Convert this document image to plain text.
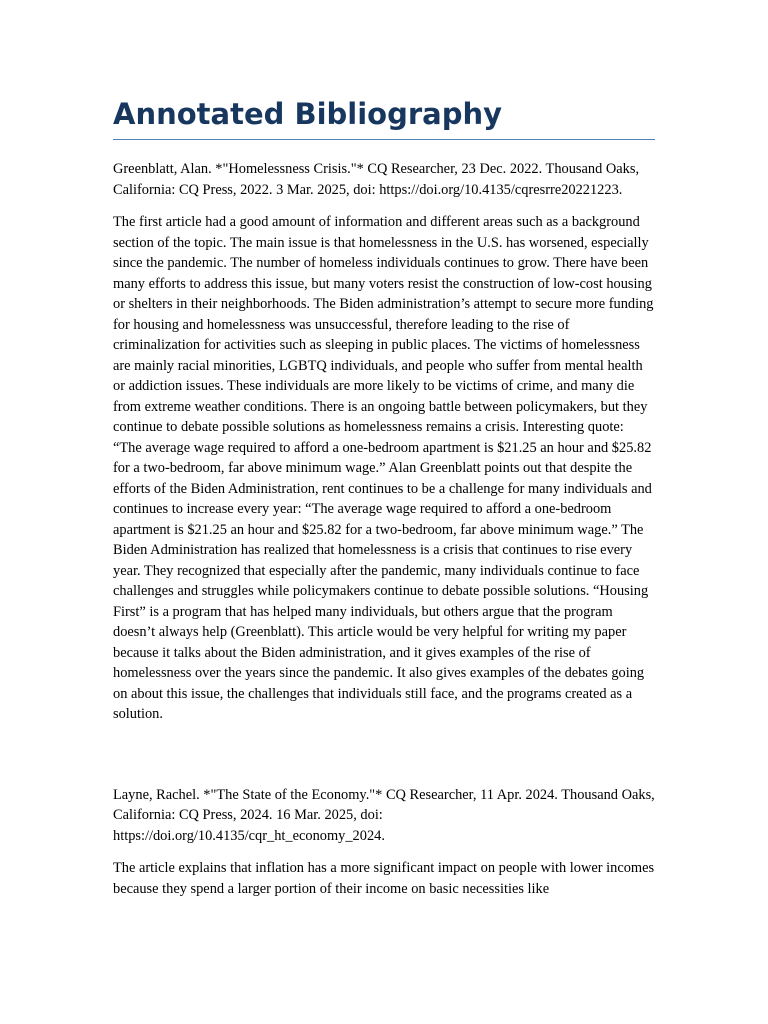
Annotated Bibliography

Greenblatt, Alan. *"Homelessness Crisis."* CQ Researcher, 23 Dec. 2022. Thousand Oaks, California: CQ Press, 2022. 3 Mar. 2025, doi: https://doi.org/10.4135/cqresrre20221223.

The first article had a good amount of information and different areas such as a background section of the topic. The main issue is that homelessness in the U.S. has worsened, especially since the pandemic. The number of homeless individuals continues to grow. There have been many efforts to address this issue, but many voters resist the construction of low-cost housing or shelters in their neighborhoods. The Biden administration’s attempt to secure more funding for housing and homelessness was unsuccessful, therefore leading to the rise of criminalization for activities such as sleeping in public places. The victims of homelessness are mainly racial minorities, LGBTQ individuals, and people who suffer from mental health or addiction issues. These individuals are more likely to be victims of crime, and many die from extreme weather conditions. There is an ongoing battle between policymakers, but they continue to debate possible solutions as homelessness remains a crisis. Interesting quote: “The average wage required to afford a one-bedroom apartment is $21.25 an hour and $25.82 for a two-bedroom, far above minimum wage.” Alan Greenblatt points out that despite the efforts of the Biden Administration, rent continues to be a challenge for many individuals and continues to increase every year: “The average wage required to afford a one-bedroom apartment is $21.25 an hour and $25.82 for a two-bedroom, far above minimum wage.” The Biden Administration has realized that homelessness is a crisis that continues to rise every year. They recognized that especially after the pandemic, many individuals continue to face challenges and struggles while policymakers continue to debate possible solutions. “Housing First” is a program that has helped many individuals, but others argue that the program doesn’t always help (Greenblatt). This article would be very helpful for writing my paper because it talks about the Biden administration, and it gives examples of the rise of homelessness over the years since the pandemic. It also gives examples of the debates going on about this issue, the challenges that individuals still face, and the programs created as a solution.

Layne, Rachel. *"The State of the Economy."* CQ Researcher, 11 Apr. 2024. Thousand Oaks, California: CQ Press, 2024. 16 Mar. 2025, doi: https://doi.org/10.4135/cqr_ht_economy_2024.

The article explains that inflation has a more significant impact on people with lower incomes because they spend a larger portion of their income on basic necessities like
